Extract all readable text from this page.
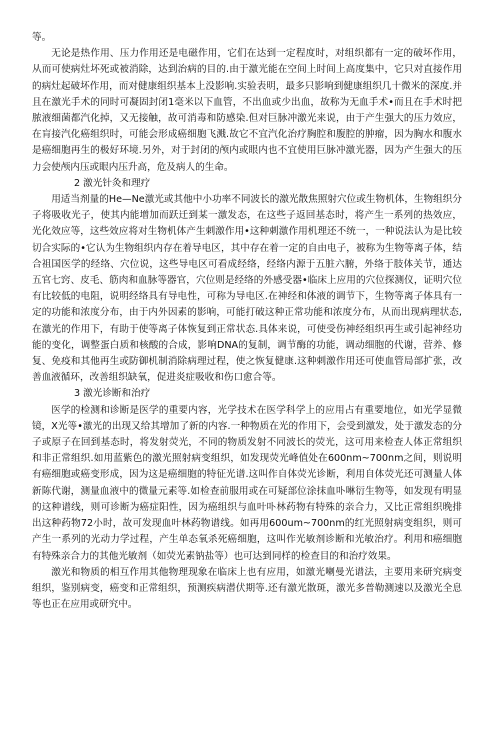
等。

无论是热作用、压力作用还是电磁作用，它们在达到一定程度时，对组织都有一定的破坏作用，从而可使病灶坏死或被消除，达到治病的目的.由于激光能在空间上时间上高度集中，它只对直接作用的病灶起破坏作用，而对健康组织基本上没影响.实验表明，最多只影响到健康组织几十微米的深度.并且在激光手术的同时可凝固封闭1毫米以下血管，不出血或少出血，故称为无血手术•而且在手术时把脓液细菌都汽化掉，又无接触，故可消毒和防感染.但对巨脉冲激光来说，由于产生强大的压力效应，在肓接汽化癌组织时，可能会形成癌细胞飞溅.故它不宜汽化治疗胸腔和腹腔的肿瘤，因为胸水和腹水是癌细胞再生的极好环境.另外，对于封闭的颅内或眼内也不宜使用巨脉冲激光器，因为产生强大的压力会使颅内压或眼内压升高，危及病人的生命。

2 激光针灸和理疗

用适当剂量的He—Ne激光或其他中小功率不同波长的激光散焦照射穴位或生物机体，生物组织分子将吸收光子，使其内能增加而跃迁到某一激发态，在这些子返回基态时，将产生一系列的热效应，光化效应等，这些效应将对生物机体产生刺激作用•这种刺激作用机理还不统一，一种说法认为是比较切合实际的•它认为生物组织内存在着导电区，其中存在着一定的自由电子，被称为生物等离子体，结合祖国医学的经络、穴位说，这些导电区可看成经络，经络内源于五脏六腑，外络于肢体关节，通达五官七窍、皮毛、筋肉和血脉等器官，穴位则是经络的外感受器•临床上应用的穴位探测仪，证明穴位有比较低的电阻，说明经络具有导电性，可称为导电区.在神经和体液的调节下，生物等离子体具有一定的功能和浓度分布，由于内外因素的影响，可能打破这种正常功能和浓度分布，从而出现病理状态,在激光的作用下，有助于使等离子体恢复到正常状态.具体来说，可使受伤神经组织再生或引起神经功能的变化，调整蛋白质和核酸的合成，影响DNA的复制，调节酶的功能，调动细胞的代谢，营养、修复、免疫和其他再生或防御机制消除病理过程，使之恢复健康.这种刺激作用还可使血管局部扩张，改善血液循环，改善组织缺氧，促进炎症吸收和伤口愈合等。

3 激光诊断和治疗

医学的检测和诊断是医学的重要内容，光学技术在医学科学上的应用占有重要地位，如光学显微镜，X光等•激光的出现又给其增加了新的内容.一种物质在光的作用下，会受到激发，处于激发态的分子或原子在回到基态时，将发射荧光，不同的物质发射不同波长的荧光，这可用来检查人体正常组织和非正常组织.如用蓝紫色的激光照射病变组织，如发现荧光峰值处在600nm~700nm之间，则说明有癌细胞或癌变形成，因为这是癌细胞的特征光谱.这叫作自体荧光诊断，利用自体荧光还可测量人体新陈代谢，测量血液中的微量元素等.如检查前服用或在可疑部位涂抹血卟啉衍生物等，如发现有明显的这种谱线，则可诊断为癌症阳性，因为癌组织与血叶卟林药物有特殊的亲合力，又比正常组织晚排出这种药物72小时，故可发现血叶林药物谱线。如再用600um~700nm的红光照射病变组织，则可产生一系列的光动力学过程，产生单态氧杀死癌细胞，这叫作光敏剂诊断和光敏治疗。利用和癌细胞有特殊亲合力的其他光敏剂（如荧光素钠盐等）也可达到同样的检查目的和治疗效果。

激光和物质的相互作用其他物理现象在临床上也有应用，如激光喇曼光谱法，主要用来研究病变组织，鉴别病变，癌变和正常组织，预测疾病潜伏期等.还有激光散斑，激光多普勒测速以及激光全息等也正在应用或研究中。
